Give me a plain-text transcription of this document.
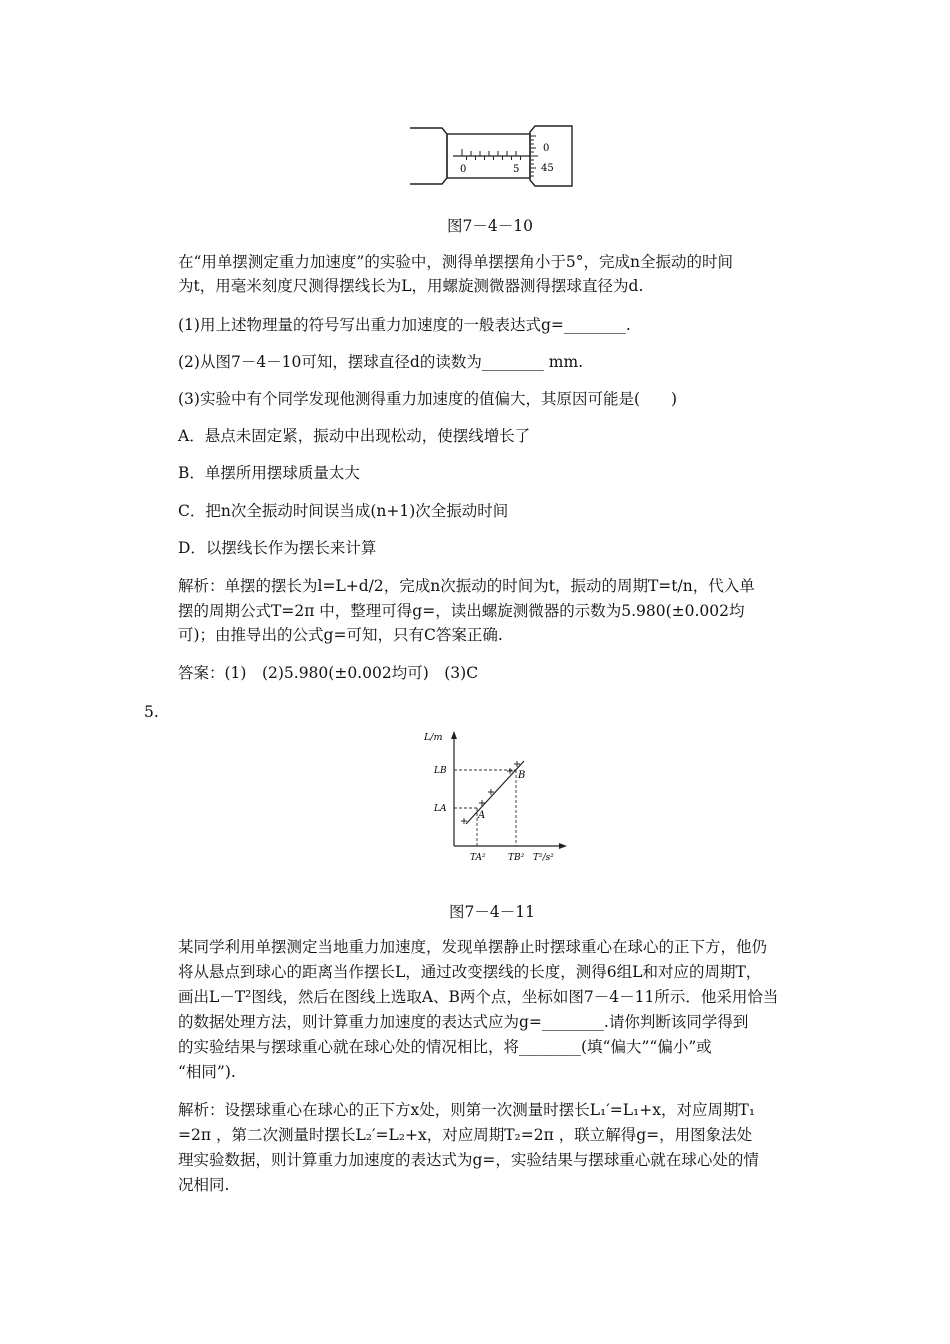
0	5
0
45
图7－4－10
在“用单摆测定重力加速度”的实验中，测得单摆摆角小于5°，完成n全振动的时间
为t，用毫米刻度尺测得摆线长为L，用螺旋测微器测得摆球直径为d.
(1)用上述物理量的符号写出重力加速度的一般表达式g=________.
(2)从图7－4－10可知，摆球直径d的读数为________ mm.
(3)实验中有个同学发现他测得重力加速度的值偏大，其原因可能是(　　)
A．悬点未固定紧，振动中出现松动，使摆线增长了
B．单摆所用摆球质量太大
C．把n次全振动时间误当成(n+1)次全振动时间
D．以摆线长作为摆长来计算
解析：单摆的摆长为l=L+d/2，完成n次振动的时间为t，振动的周期T=t/n，代入单
摆的周期公式T=2π 中，整理可得g=，读出螺旋测微器的示数为5.980(±0.002均
可)；由推导出的公式g=可知，只有C答案正确.
答案：(1)　(2)5.980(±0.002均可)　(3)C
5.
L/m
LB
LA
A
B
TA² TB² T²/s²
图7－4－11
某同学利用单摆测定当地重力加速度，发现单摆静止时摆球重心在球心的正下方，他仍
将从悬点到球心的距离当作摆长L，通过改变摆线的长度，测得6组L和对应的周期T，
画出L－T²图线，然后在图线上选取A、B两个点，坐标如图7－4－11所示．他采用恰当
的数据处理方法，则计算重力加速度的表达式应为g=________.请你判断该同学得到
的实验结果与摆球重心就在球心处的情况相比，将________(填“偏大”“偏小”或
“相同”).
解析：设摆球重心在球心的正下方x处，则第一次测量时摆长L₁′=L₁+x，对应周期T₁
=2π ，第二次测量时摆长L₂′=L₂+x，对应周期T₂=2π ，联立解得g=，用图象法处
理实验数据，则计算重力加速度的表达式为g=，实验结果与摆球重心就在球心处的情
况相同.
